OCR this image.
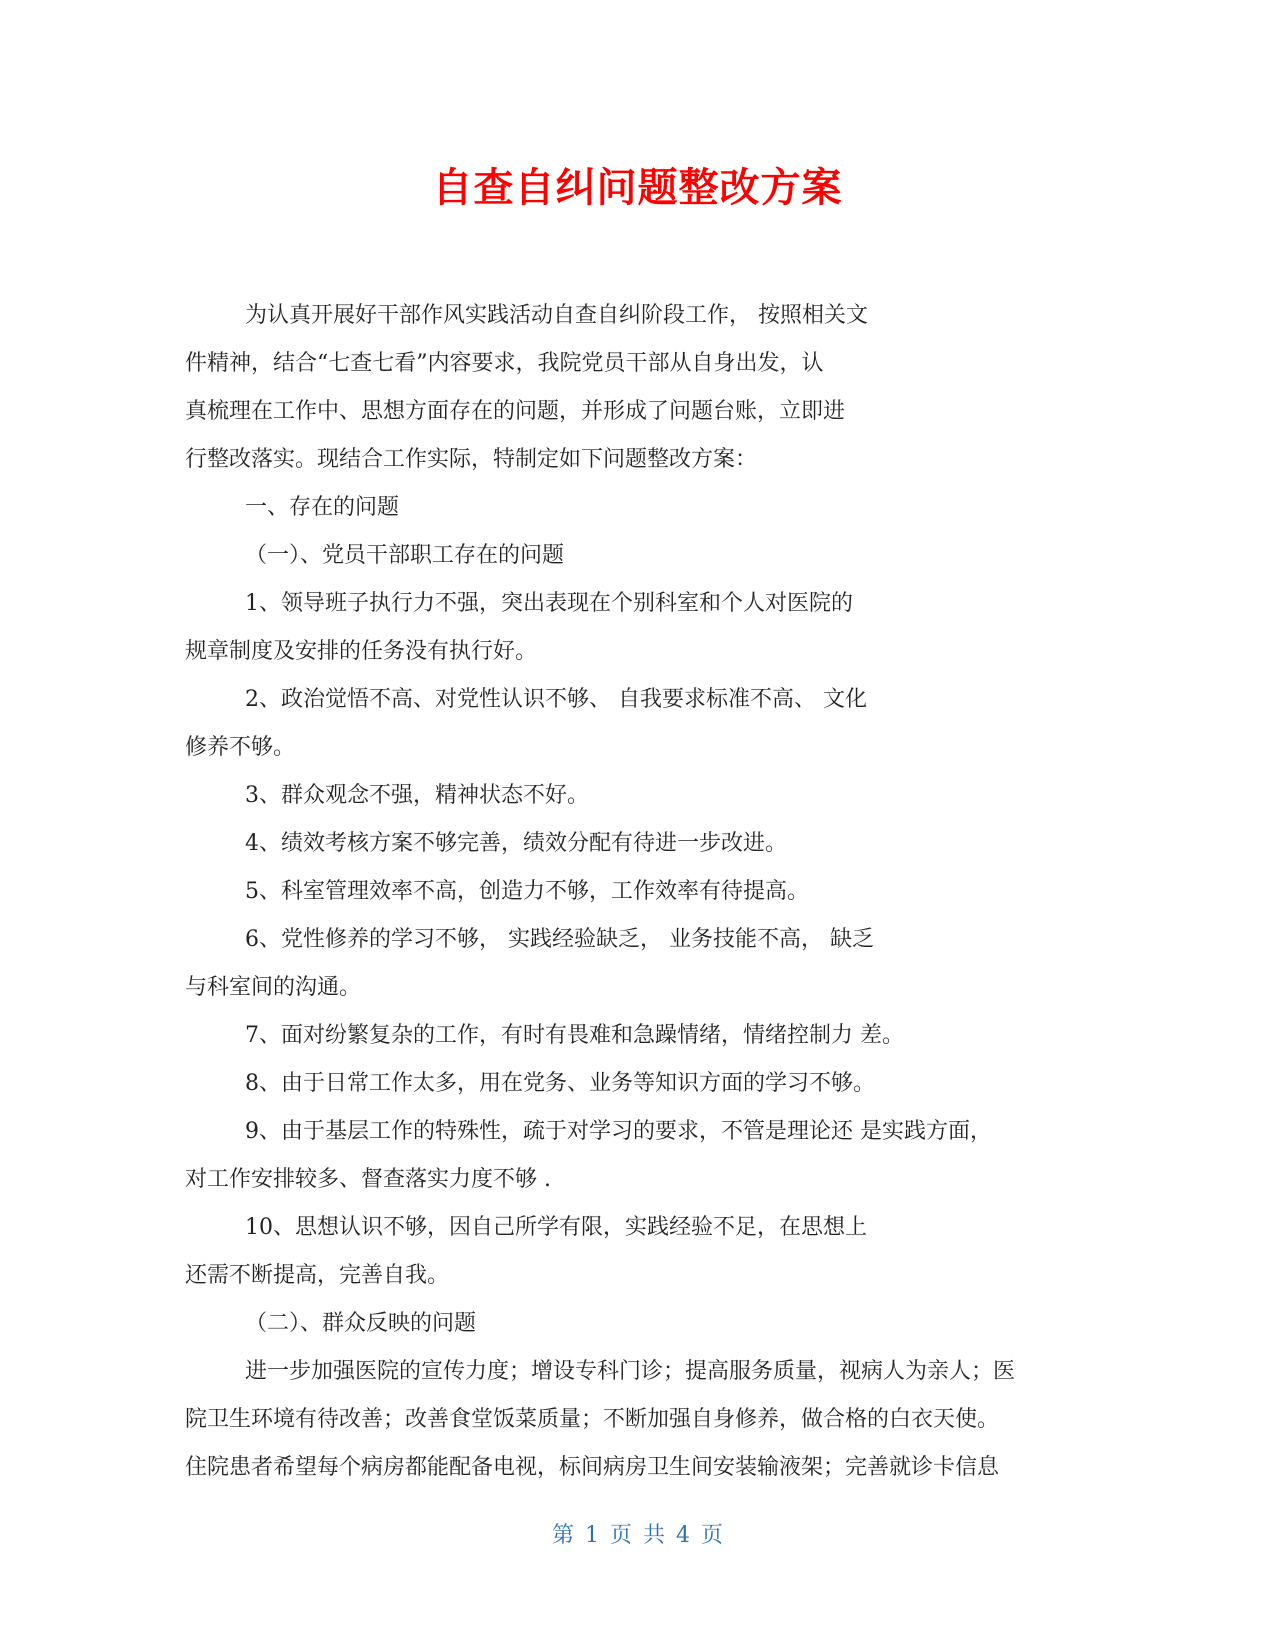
自查自纠问题整改方案
为认真开展好干部作风实践活动自查自纠阶段工作， 按照相关文
件精神，结合“七查七看”内容要求，我院党员干部从自身出发，认
真梳理在工作中、思想方面存在的问题，并形成了问题台账，立即进
行整改落实。现结合工作实际，特制定如下问题整改方案：
一、存在的问题
（一）、党员干部职工存在的问题
1、领导班子执行力不强，突出表现在个别科室和个人对医院的
规章制度及安排的任务没有执行好。
2、政治觉悟不高、对党性认识不够、 自我要求标准不高、 文化
修养不够。
3、群众观念不强，精神状态不好。
4、绩效考核方案不够完善，绩效分配有待进一步改进。
5、科室管理效率不高，创造力不够，工作效率有待提高。
6、党性修养的学习不够， 实践经验缺乏， 业务技能不高， 缺乏
与科室间的沟通。
7、面对纷繁复杂的工作，有时有畏难和急躁情绪，情绪控制力 差。
8、由于日常工作太多，用在党务、业务等知识方面的学习不够。
9、由于基层工作的特殊性，疏于对学习的要求，不管是理论还 是实践方面，
对工作安排较多、督查落实力度不够 .
10、思想认识不够，因自己所学有限，实践经验不足，在思想上
还需不断提高，完善自我。
（二）、群众反映的问题
进一步加强医院的宣传力度；增设专科门诊；提高服务质量，视病人为亲人；医
院卫生环境有待改善；改善食堂饭菜质量；不断加强自身修养，做合格的白衣天使。
住院患者希望每个病房都能配备电视，标间病房卫生间安装输液架；完善就诊卡信息
第 1 页 共 4 页
